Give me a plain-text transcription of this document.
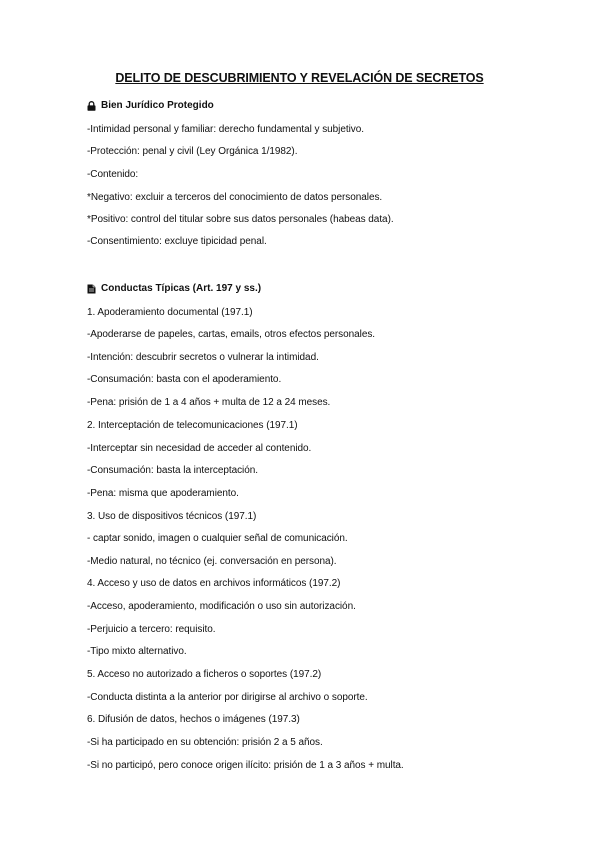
DELITO DE DESCUBRIMIENTO Y REVELACIÓN DE SECRETOS
Bien Jurídico Protegido
-Intimidad personal y familiar: derecho fundamental y subjetivo.
-Protección: penal y civil (Ley Orgánica 1/1982).
-Contenido:
*Negativo: excluir a terceros del conocimiento de datos personales.
*Positivo: control del titular sobre sus datos personales (habeas data).
-Consentimiento: excluye tipicidad penal.
Conductas Típicas (Art. 197 y ss.)
1. Apoderamiento documental (197.1)
-Apoderarse de papeles, cartas, emails, otros efectos personales.
-Intención: descubrir secretos o vulnerar la intimidad.
-Consumación: basta con el apoderamiento.
-Pena: prisión de 1 a 4 años + multa de 12 a 24 meses.
2. Interceptación de telecomunicaciones (197.1)
-Interceptar sin necesidad de acceder al contenido.
-Consumación: basta la interceptación.
-Pena: misma que apoderamiento.
3. Uso de dispositivos técnicos (197.1)
- captar sonido, imagen o cualquier señal de comunicación.
-Medio natural, no técnico (ej. conversación en persona).
4. Acceso y uso de datos en archivos informáticos (197.2)
-Acceso, apoderamiento, modificación o uso sin autorización.
-Perjuicio a tercero: requisito.
-Tipo mixto alternativo.
5. Acceso no autorizado a ficheros o soportes (197.2)
-Conducta distinta a la anterior por dirigirse al archivo o soporte.
6. Difusión de datos, hechos o imágenes (197.3)
-Si ha participado en su obtención: prisión 2 a 5 años.
-Si no participó, pero conoce origen ilícito: prisión de 1 a 3 años + multa.
